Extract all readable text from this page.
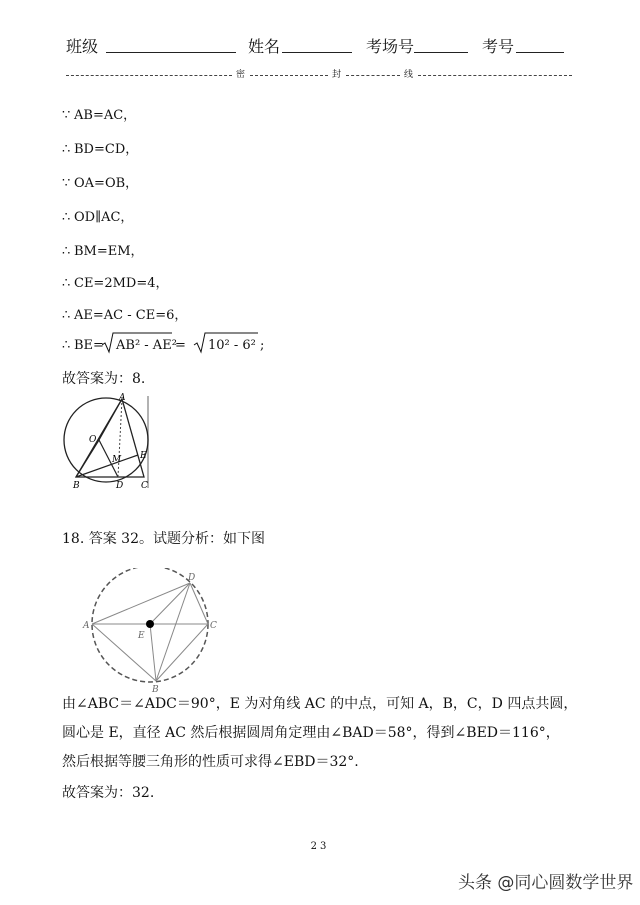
班级	姓名	考场号	考号
密	封	线
∵ AB=AC，
∴ BD=CD，
∵ OA=OB，
∴ OD∥AC，
∴ BM=EM，
∴ CE=2MD=4，
∴ AE=AC - CE=6，
∴ BE= AB² - AE²
= 10² - 6² ;
故答案为：8.
A
O
M E
B	D C
18. 答案 32。试题分析：如下图
A
B
C
D
E
由∠ABC＝∠ADC＝90°，E 为对角线 AC 的中点，可知 A，B，C，D 四点共圆，
圆心是 E，直径 AC 然后根据圆周角定理由∠BAD＝58°，得到∠BED＝116°，
然后根据等腰三角形的性质可求得∠EBD＝32°.
故答案为：32.
23
头条 @同心圆数学世界
